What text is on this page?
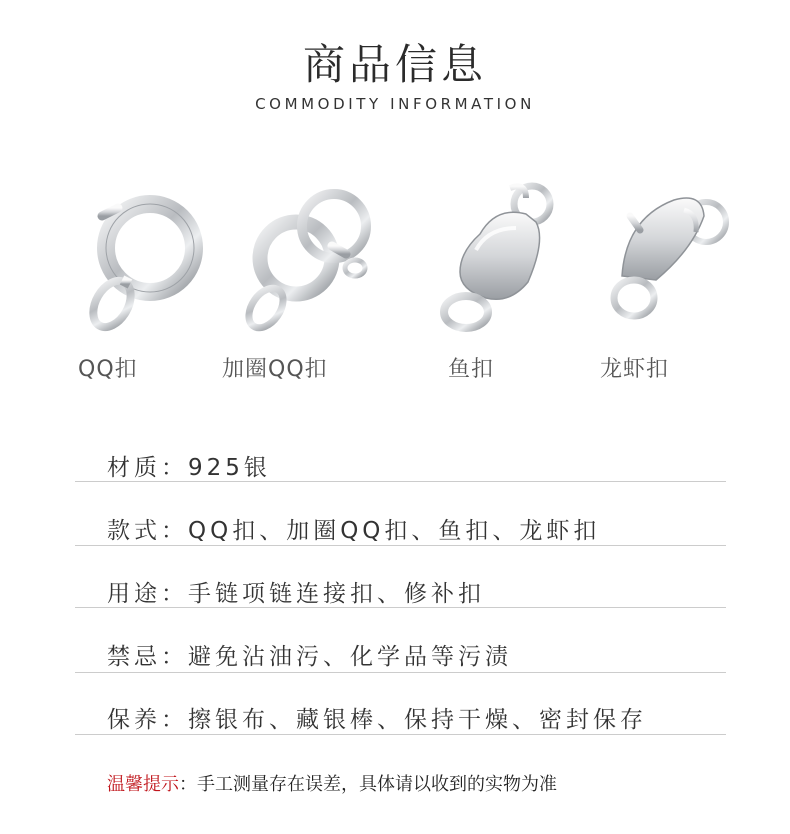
商品信息
COMMODITY INFORMATION
QQ扣	加圈QQ扣	鱼扣	龙虾扣
材质：925银
款式：QQ扣、加圈QQ扣、鱼扣、龙虾扣
用途：手链项链连接扣、修补扣
禁忌：避免沾油污、化学品等污渍
保养：擦银布、藏银棒、保持干燥、密封保存
温馨提示：手工测量存在误差，具体请以收到的实物为准
